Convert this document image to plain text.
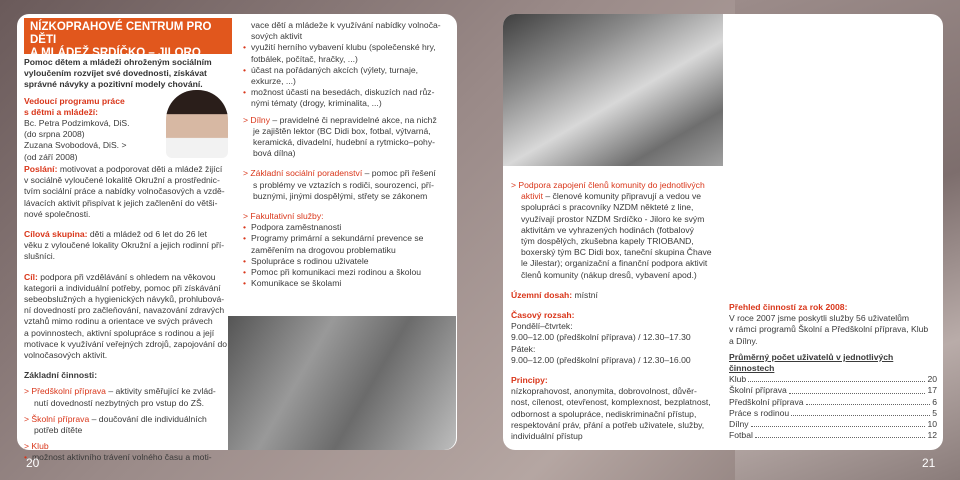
NÍZKOPRAHOVÉ CENTRUM PRO DĚTI
A MLÁDEŽ SRDÍČKO – JILORO
Pomoc dětem a mládeži ohroženým sociálním
vyloučením rozvíjet své dovednosti, získávat
správné návyky a pozitivní modely chování.
Vedoucí programu práce
s dětmi a mládeží:
Bc. Petra Podzimková, DiS.
(do srpna 2008)
Zuzana Svobodová, DiS. >
(od září 2008)
Poslání: motivovat a podporovat děti a mládež žijící
v sociálně vyloučené lokalitě Okružní a prostřednic-
tvím sociální práce a nabídky volnočasových a vzdě-
lávacích aktivit přispívat k jejich začlenění do větši-
nové společnosti.
Cílová skupina: děti a mládež od 6 let do 26 let
věku z vyloučené lokality Okružní a jejich rodinní pří-
slušníci.
Cíl: podpora při vzdělávání s ohledem na věkovou
kategorii a individuální potřeby, pomoc při získávání
sebeobslužných a hygienických návyků, prohlubová-
ní dovedností pro začleňování, navazování zdravých
vztahů mimo rodinu a orientace ve svých právech
a povinnostech, aktivní spolupráce s rodinou a její
motivace k využívání veřejných zdrojů, zapojování do
volnočasových aktivit.
Základní činnosti:
> Předškolní příprava – aktivity směřující ke zvlád-
nutí dovedností nezbytných pro vstup do ZŠ.
> Školní příprava – doučování dle individuálních
potřeb dítěte
> Klub
• možnost aktivního trávení volného času a moti-
vace dětí a mládeže k využívání nabídky volnoča-
sových aktivit
• využití herního vybavení klubu (společenské hry,
fotbálek, počítač, hračky, ...)
• účast na pořádaných akcích (výlety, turnaje,
exkurze, ...)
• možnost účasti na besedách, diskuzích nad růz-
nými tématy (drogy, kriminalita, ...)
> Dílny – pravidelné či nepravidelné akce, na nichž
je zajištěn lektor (BC Didi box, fotbal, výtvarná,
keramická, divadelní, hudební a rytmicko–pohy-
bová dílna)
> Základní sociální poradenství – pomoc při řešení
s problémy ve vztazích s rodiči, sourozenci, pří-
buznými, jinými dospělými, střety se zákonem
> Fakultativní služby:
• Podpora zaměstnanosti
• Programy primární a sekundární prevence se zaměřením na drogovou problematiku
• Spolupráce s rodinou uživatele
• Pomoc při komunikaci mezi rodinou a školou
• Komunikace se školami
> Podpora zapojení členů komunity do jednotlivých
aktivit – členové komunity připravují a vedou ve
spolupráci s pracovníky NZDM někteté z line,
využívají prostor NZDM Srdíčko - Jiloro ke svým
aktivitám ve vyhrazených hodinách (fotbalový
tým dospělých, zkušebna kapely TRIOBAND,
boxerský tým BC Didi box, taneční skupina Čhave
le Jilestar); organizační a finanční podpora aktivit
členů komunity (nákup dresů, vybavení apod.)
Územní dosah: místní
Časový rozsah:
Pondělí–čtvrtek:
9.00–12.00 (předškolní příprava) / 12.30–17.30
Pátek:
9.00–12.00 (předškolní příprava) / 12.30–16.00
Principy:
nízkoprahovost, anonymita, dobrovolnost, důvěr-
nost, cílenost, otevřenost, komplexnost, bezplatnost,
odbornost a spolupráce, nediskriminační přístup,
respektování práv, přání a potřeb uživatele, služby,
individuální přístup
Přehled činností za rok 2008:
V roce 2007 jsme poskytli služby 56 uživatelům
v rámci programů Školní a Předškolní příprava, Klub
a Dílny.
Průměrný počet uživatelů v jednotlivých činnostech
Klub	20
Školní příprava	17
Předškolní příprava	6
Práce s rodinou	5
Dílny	10
Fotbal	12
20	21
